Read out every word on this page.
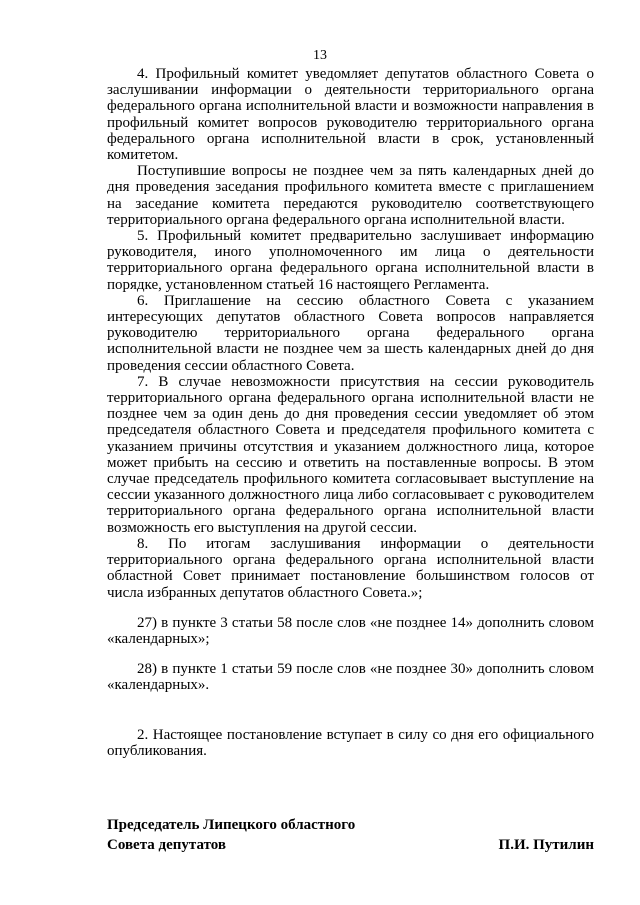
13

4. Профильный комитет уведомляет депутатов областного Совета о заслушивании информации о деятельности территориального органа федерального органа исполнительной власти и возможности направления в профильный комитет вопросов руководителю территориального органа федерального органа исполнительной власти в срок, установленный комитетом.

Поступившие вопросы не позднее чем за пять календарных дней до дня проведения заседания профильного комитета вместе с приглашением на заседание комитета передаются руководителю соответствующего территориального органа федерального органа исполнительной власти.

5. Профильный комитет предварительно заслушивает информацию руководителя, иного уполномоченного им лица о деятельности территориального органа федерального органа исполнительной власти в порядке, установленном статьей 16 настоящего Регламента.

6. Приглашение на сессию областного Совета с указанием интересующих депутатов областного Совета вопросов направляется руководителю территориального органа федерального органа исполнительной власти не позднее чем за шесть календарных дней до дня проведения сессии областного Совета.

7. В случае невозможности присутствия на сессии руководитель территориального органа федерального органа исполнительной власти не позднее чем за один день до дня проведения сессии уведомляет об этом председателя областного Совета и председателя профильного комитета с указанием причины отсутствия и указанием должностного лица, которое может прибыть на сессию и ответить на поставленные вопросы. В этом случае председатель профильного комитета согласовывает выступление на сессии указанного должностного лица либо согласовывает с руководителем территориального органа федерального органа исполнительной власти возможность его выступления на другой сессии.

8. По итогам заслушивания информации о деятельности территориального органа федерального органа исполнительной власти областной Совет принимает постановление большинством голосов от числа избранных депутатов областного Совета.»;

27) в пункте 3 статьи 58 после слов «не позднее 14» дополнить словом «календарных»;

28) в пункте 1 статьи 59 после слов «не позднее 30» дополнить словом «календарных».

2. Настоящее постановление вступает в силу со дня его официального опубликования.

Председатель Липецкого областного
Совета депутатов	П.И. Путилин
